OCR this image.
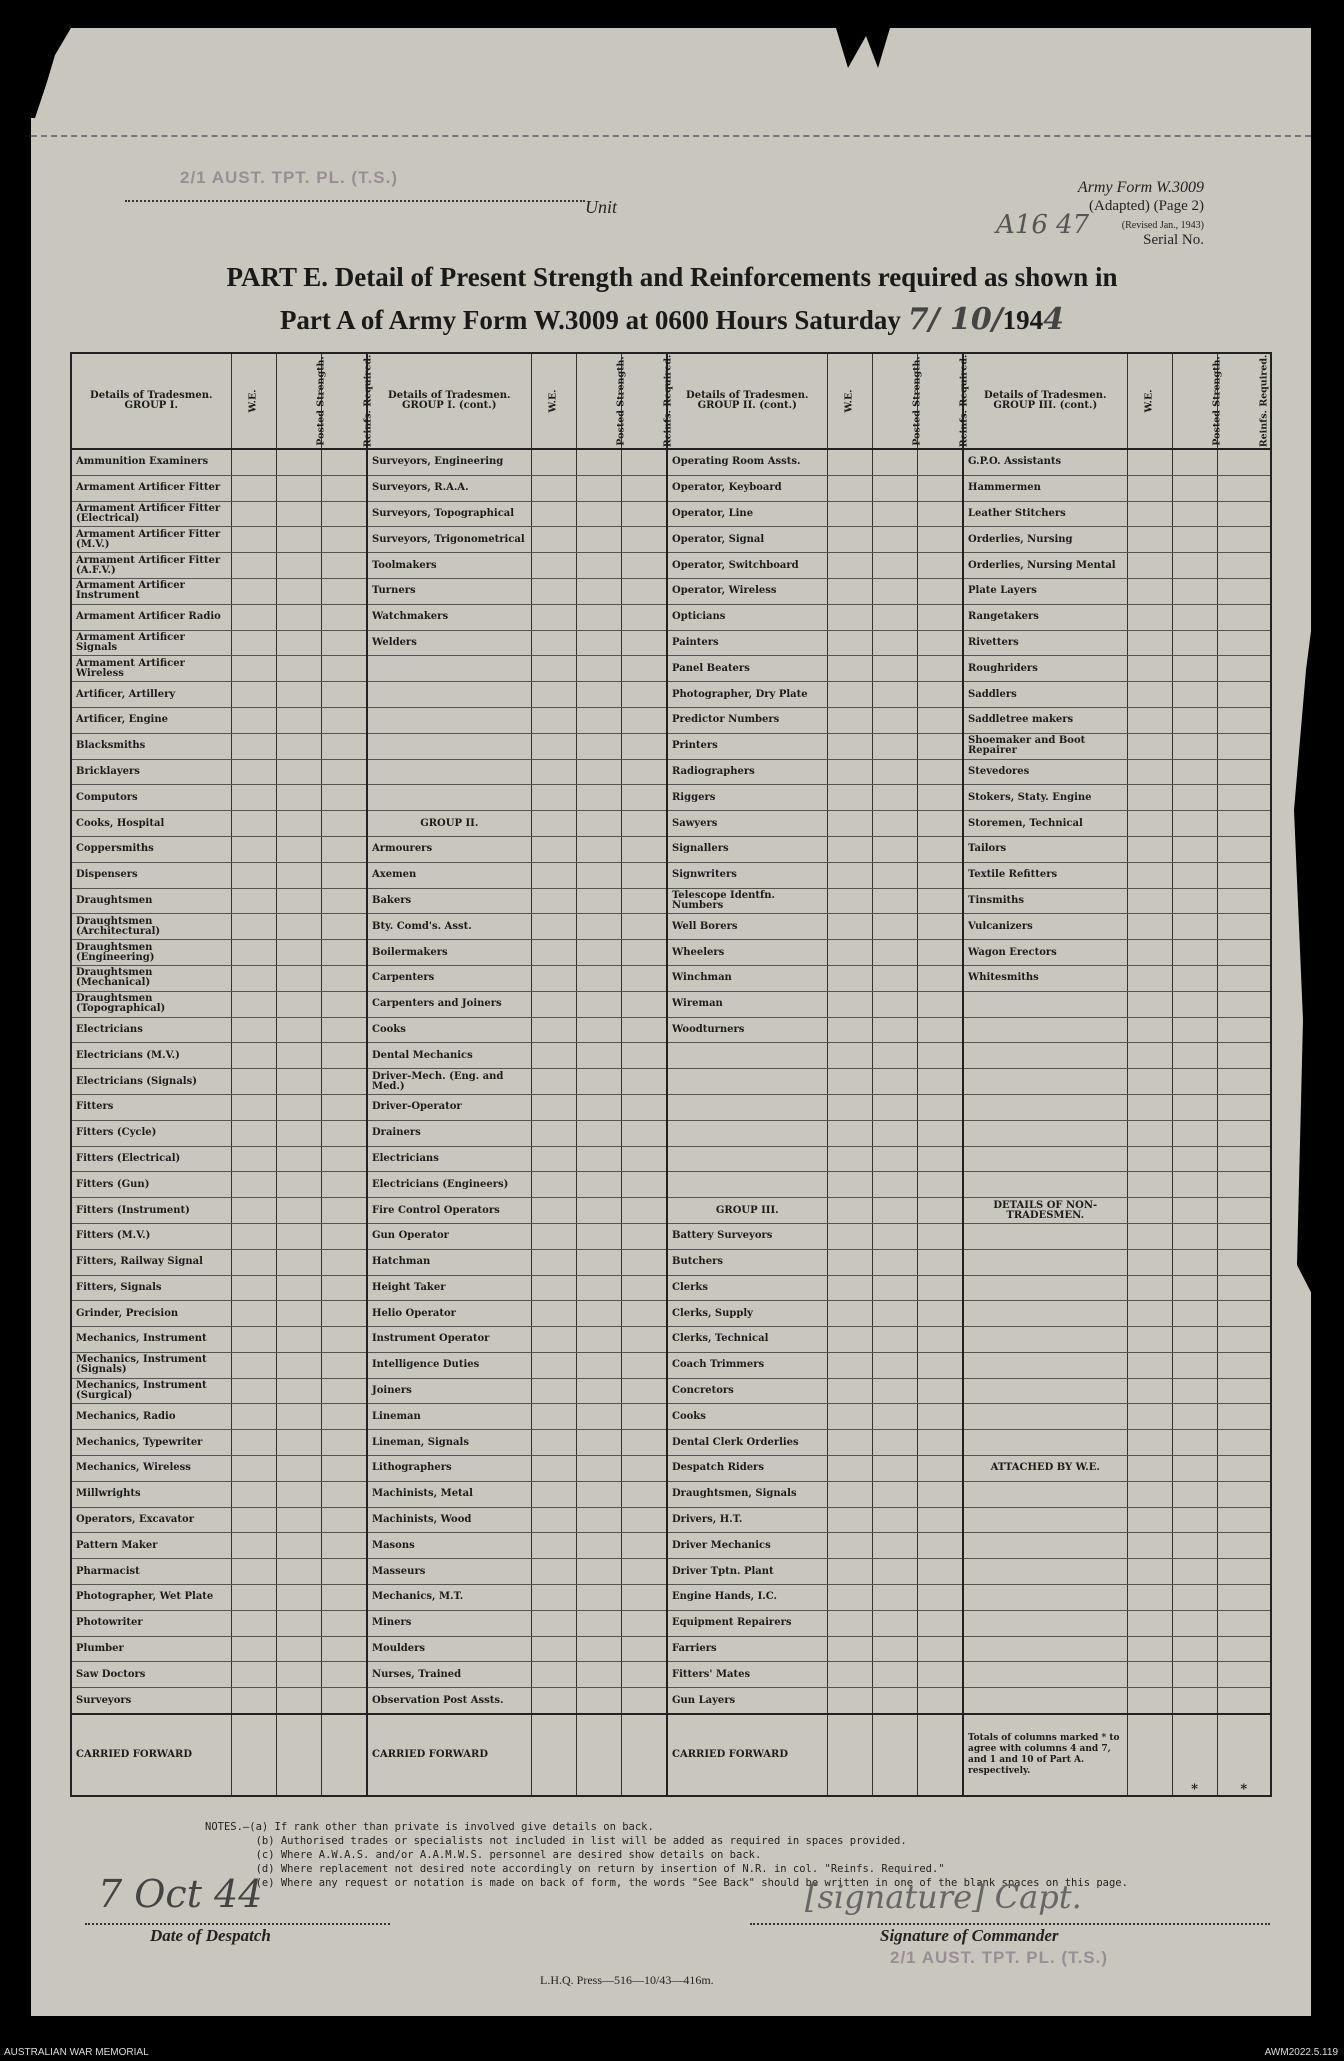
2/1 AUST. TPT. PL. (T.S.)
Unit
Army Form W.3009
(Adapted) (Page 2)
(Revised Jan., 1943)
A16 47	Serial No.
PART E. Detail of Present Strength and Reinforcements required as shown in
Part A of Army Form W.3009 at 0600 Hours Saturday 7/ 10/1944
Details of Tradesmen. GROUP I.	W.E.	Posted Strength.	Reinfs. Required.	Details of Tradesmen. GROUP I. (cont.)	W.E.	Posted Strength.	Reinfs. Required.	Details of Tradesmen. GROUP II. (cont.)	W.E.	Posted Strength.	Reinfs. Required.	Details of Tradesmen. GROUP III. (cont.)	W.E.	Posted Strength.	Reinfs. Required.
Ammunition Examiners				Surveyors, Engineering				Operating Room Assts.				G.P.O. Assistants			
Armament Artificer Fitter				Surveyors, R.A.A.				Operator, Keyboard				Hammermen			
Armament Artificer Fitter (Electrical)				Surveyors, Topographical				Operator, Line				Leather Stitchers			
Armament Artificer Fitter (M.V.)				Surveyors, Trigonometrical				Operator, Signal				Orderlies, Nursing			
Armament Artificer Fitter (A.F.V.)				Toolmakers				Operator, Switchboard				Orderlies, Nursing Mental			
Armament Artificer Instrument				Turners				Operator, Wireless				Plate Layers			
Armament Artificer Radio				Watchmakers				Opticians				Rangetakers			
Armament Artificer Signals				Welders				Painters				Rivetters			
Armament Artificer Wireless								Panel Beaters				Roughriders			
Artificer, Artillery								Photographer, Dry Plate				Saddlers			
Artificer, Engine								Predictor Numbers				Saddletree makers			
Blacksmiths								Printers				Shoemaker and Boot Repairer			
Bricklayers								Radiographers				Stevedores			
Computors								Riggers				Stokers, Staty. Engine			
Cooks, Hospital				GROUP II.				Sawyers				Storemen, Technical			
Coppersmiths				Armourers				Signallers				Tailors			
Dispensers				Axemen				Signwriters				Textile Refitters			
Draughtsmen				Bakers				Telescope Identfn. Numbers				Tinsmiths			
Draughtsmen (Architectural)				Bty. Comd's. Asst.				Well Borers				Vulcanizers			
Draughtsmen (Engineering)				Boilermakers				Wheelers				Wagon Erectors			
Draughtsmen (Mechanical)				Carpenters				Winchman				Whitesmiths			
Draughtsmen (Topographical)				Carpenters and Joiners				Wireman							
Electricians				Cooks				Woodturners							
Electricians (M.V.)				Dental Mechanics											
Electricians (Signals)				Driver-Mech. (Eng. and Med.)											
Fitters				Driver-Operator											
Fitters (Cycle)				Drainers											
Fitters (Electrical)				Electricians											
Fitters (Gun)				Electricians (Engineers)											
Fitters (Instrument)				Fire Control Operators				GROUP III.				DETAILS OF NON-TRADESMEN.			
Fitters (M.V.)				Gun Operator				Battery Surveyors							
Fitters, Railway Signal				Hatchman				Butchers							
Fitters, Signals				Height Taker				Clerks							
Grinder, Precision				Helio Operator				Clerks, Supply							
Mechanics, Instrument				Instrument Operator				Clerks, Technical							
Mechanics, Instrument (Signals)				Intelligence Duties				Coach Trimmers							
Mechanics, Instrument (Surgical)				Joiners				Concretors							
Mechanics, Radio				Lineman				Cooks							
Mechanics, Typewriter				Lineman, Signals				Dental Clerk Orderlies							
Mechanics, Wireless				Lithographers				Despatch Riders				ATTACHED BY W.E.			
Millwrights				Machinists, Metal				Draughtsmen, Signals							
Operators, Excavator				Machinists, Wood				Drivers, H.T.							
Pattern Maker				Masons				Driver Mechanics							
Pharmacist				Masseurs				Driver Tptn. Plant							
Photographer, Wet Plate				Mechanics, M.T.				Engine Hands, I.C.							
Photowriter				Miners				Equipment Repairers							
Plumber				Moulders				Farriers							
Saw Doctors				Nurses, Trained				Fitters' Mates							
Surveyors				Observation Post Assts.				Gun Layers							
CARRIED FORWARD				CARRIED FORWARD				CARRIED FORWARD				Totals of columns marked * to agree with columns 4 and 7, and 1 and 10 of Part A. respectively.		*	*
NOTES.—(a) If rank other than private is involved give details on back.
(b) Authorised trades or specialists not included in list will be added as required in spaces provided.
(c) Where A.W.A.S. and/or A.A.M.W.S. personnel are desired show details on back.
(d) Where replacement not desired note accordingly on return by insertion of N.R. in col. "Reinfs. Required."
(e) Where any request or notation is made on back of form, the words "See Back" should be written in one of the blank spaces on this page.
7 Oct 44
Date of Despatch
[signature] Capt.
Signature of Commander
2/1 AUST. TPT. PL. (T.S.)
L.H.Q. Press—516—10/43—416m.
AUSTRALIAN WAR MEMORIAL	AWM2022.5.119
